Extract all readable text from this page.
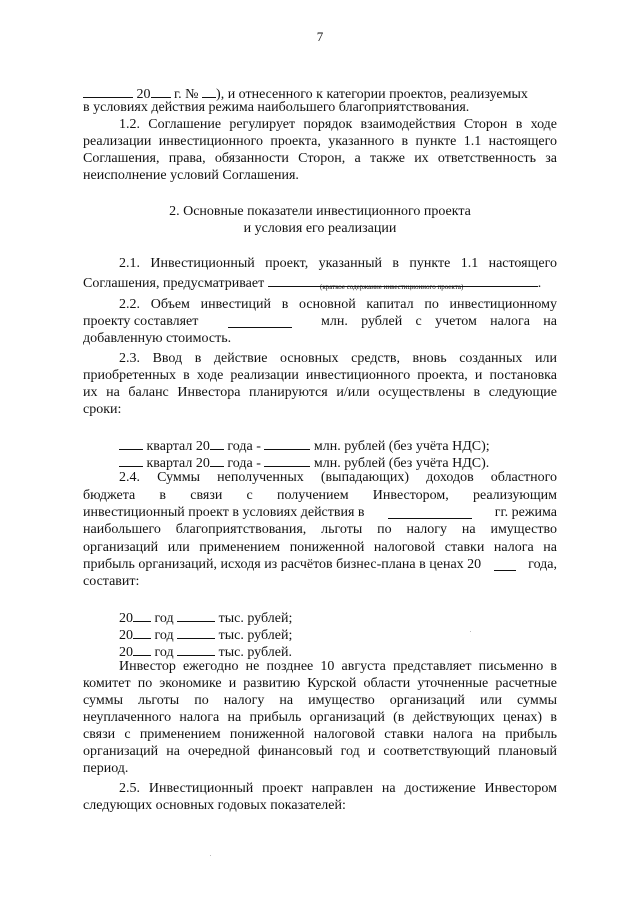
7
20 г. № ), и отнесенного к категории проектов, реализуемых
в условиях действия режима наибольшего благоприятствования.
1.2. Соглашение регулирует порядок взаимодействия Сторон в ходе
реализации инвестиционного проекта, указанного в пункте 1.1 настоящего
Соглашения, права, обязанности Сторон, а также их ответственность за
неисполнение условий Соглашения.
2. Основные показатели инвестиционного проекта
и условия его реализации
2.1. Инвестиционный проект, указанный в пункте 1.1 настоящего
Соглашения, предусматривает	.
(краткое содержание инвестиционного проекта)
2.2. Объем инвестиций в основной капитал по инвестиционному
проекту составляет	млн. рублей с учетом налога на
добавленную стоимость.
2.3. Ввод в действие основных средств, вновь созданных или
приобретенных в ходе реализации инвестиционного проекта, и постановка
их на баланс Инвестора планируются и/или осуществлены в следующие
сроки:
квартал 20 года -	млн. рублей (без учёта НДС);
квартал 20 года -	млн. рублей (без учёта НДС).
2.4. Суммы неполученных (выпадающих) доходов областного
бюджета в связи с получением Инвестором, реализующим
инвестиционный проект в условиях действия в	гг. режима
наибольшего благоприятствования, льготы по налогу на имущество
организаций или применением пониженной налоговой ставки налога на
прибыль организаций, исходя из расчётов бизнес-плана в ценах 20	года,
составит:
20 год	тыс. рублей;
20 год	тыс. рублей;
20 год	тыс. рублей.
Инвестор ежегодно не позднее 10 августа представляет письменно в
комитет по экономике и развитию Курской области уточненные расчетные
суммы льготы по налогу на имущество организаций или суммы
неуплаченного налога на прибыль организаций (в действующих ценах) в
связи с применением пониженной налоговой ставки налога на прибыль
организаций на очередной финансовый год и соответствующий плановый
период.
2.5. Инвестиционный проект направлен на достижение Инвестором
следующих основных годовых показателей:
